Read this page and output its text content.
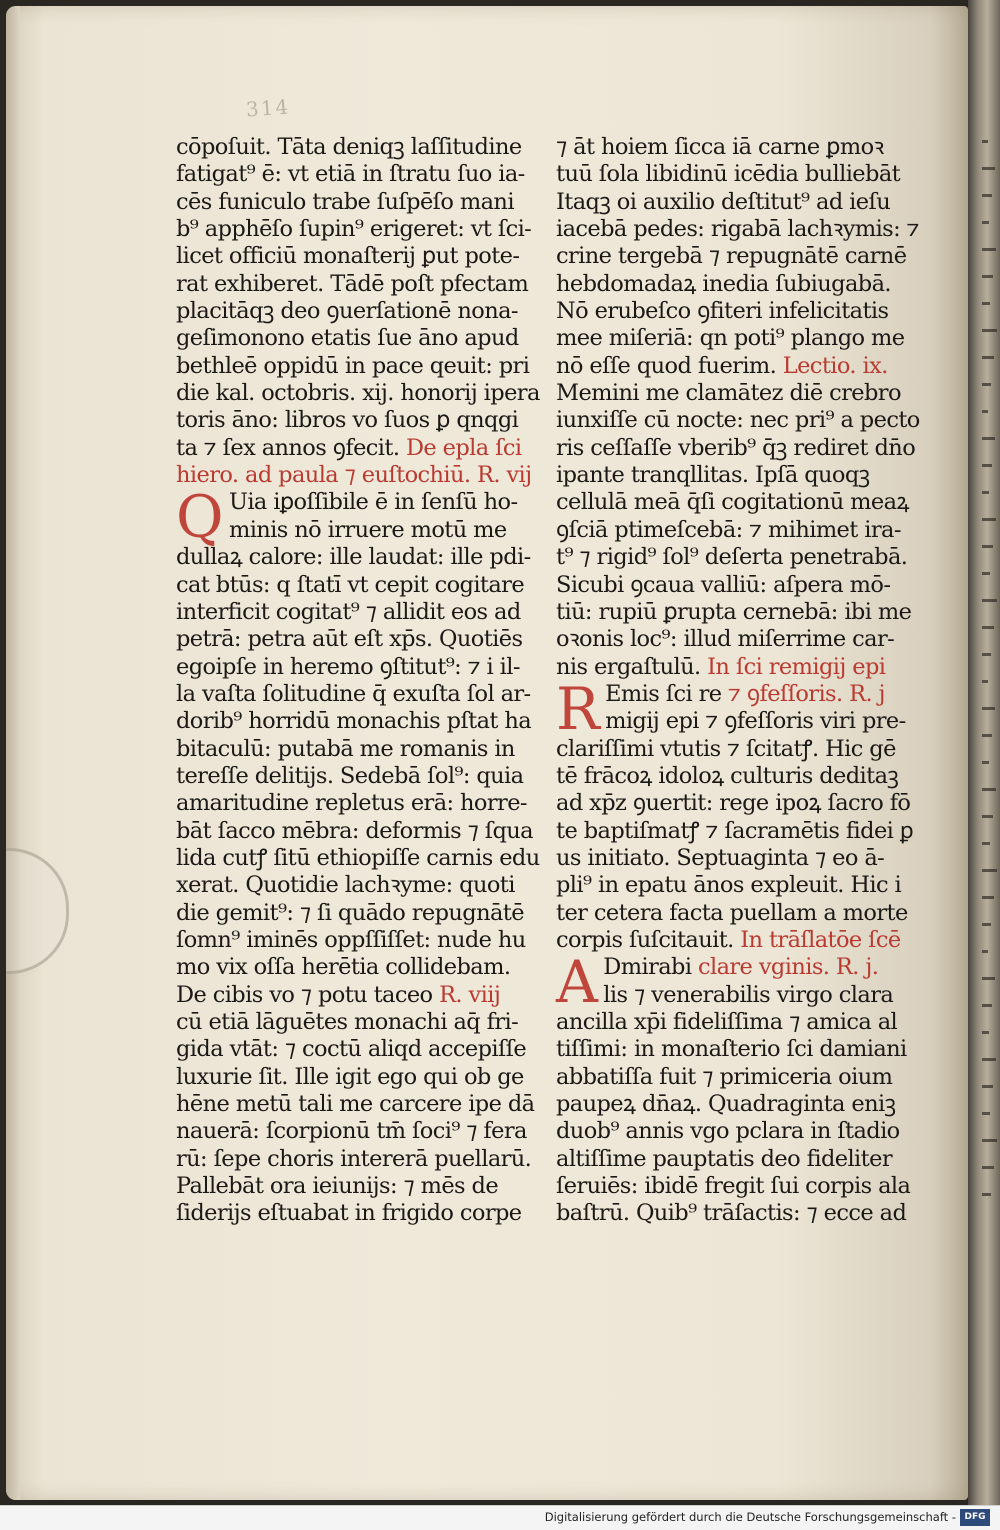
314
cōpoſuit. Tāta deniqꝫ laſſitudine
fatigat⁹ ē: vt etiā in ſtratu ſuo ia-
cēs funiculo trabe ſuſpēſo mani
b⁹ apphēſo ſupin⁹ erigeret: vt ſci-
licet officiū monaſterij ꝑut pote-
rat exhiberet. Tādē poſt pfectam
placitāqꝫ deo ꝯuerſationē nona-
geſimonono etatis ſue āno apud
bethleē oppidū in pace qeuit: pri
die kal. octobris. xij. honorij ipera
toris āno: libros vo ſuos ꝑ qnqgi
ta ⁊ ſex annos ꝯfecit. De epla ſci
hiero. ad paula ⁊ euſtochiū. R. vij
Q Uia iꝑoſſibile ē in ſenſū ho-
minis nō irruere motū me
dullaꝝ calore: ille laudat: ille pdi-
cat btūs: q ſtatī vt cepit cogitare
interficit cogitat⁹ ⁊ allidit eos ad
petrā: petra aūt eſt xp̄s. Quotiēs
egoipſe in heremo ꝯſtitut⁹: ⁊ i il-
la vaſta ſolitudine q̄ exuſta ſol ar-
dorib⁹ horridū monachis pſtat ha
bitaculū: putabā me romanis in
tereſſe delitijs. Sedebā ſol⁹: quia
amaritudine repletus erā: horre-
bāt ſacco mēbra: deformis ⁊ ſqua
lida cutꝭ ſitū ethiopiſſe carnis edu
xerat. Quotidie lachꝛyme: quoti
die gemit⁹: ⁊ ſi quādo repugnātē
ſomn⁹ iminēs oppſſiſſet: nude hu
mo vix oſſa herētia collidebam.
De cibis vo ⁊ potu taceo R. viij
cū etiā lāguētes monachi aq̄ fri-
gida vtāt: ⁊ coctū aliqd accepiſſe
luxurie ſit. Ille igit ego qui ob ge
hēne metū tali me carcere ipe dā
nauerā: ſcorpionū tm̄ ſoci⁹ ⁊ fera
rū: ſepe choris intererā puellarū.
Pallebāt ora ieiunijs: ⁊ mēs de
ſiderijs eſtuabat in frigido corpe
⁊ āt hoiem ſicca iā carne ꝑmoꝛ
tuū ſola libidinū icēdia bulliebāt
Itaqꝫ oi auxilio deſtitut⁹ ad ieſu
iacebā pedes: rigabā lachꝛymis: ⁊
crine tergebā ⁊ repugnātē carnē
hebdomadaꝝ inedia ſubiugabā.
Nō erubeſco ꝯfiteri infelicitatis
mee miſeriā: qn poti⁹ plango me
nō eſſe quod fuerim. Lectio. ix.
Memini me clamātez diē crebro
iunxiſſe cū nocte: nec pri⁹ a pecto
ris ceſſaſſe vberib⁹ q̄ꝫ rediret dn̄o
ipante tranqllitas. Ipſā quoqꝫ
cellulā meā q̄ſi cogitationū meaꝝ
ꝯſciā ptimeſcebā: ⁊ mihimet ira-
t⁹ ⁊ rigid⁹ ſol⁹ deſerta penetrabā.
Sicubi ꝯcaua valliū: aſpera mō-
tiū: rupiū ꝑrupta cernebā: ibi me
oꝛonis loc⁹: illud miſerrime car-
nis ergaſtulū. In ſci remigij epi
R Emis ſci re ⁊ ꝯfeſſoris. R. j
migij epi ⁊ ꝯfeſſoris viri pre-
clariſſimi vtutis ⁊ ſcitatꝭ. Hic gē
tē frācoꝝ idoloꝝ culturis deditaꝫ
ad xp̄z ꝯuertit: rege ipoꝝ ſacro fō
te baptiſmatꝭ ⁊ ſacramētis fidei ꝑ
us initiato. Septuaginta ⁊ eo ā-
pli⁹ in epatu ānos expleuit. Hic i
ter cetera facta puellam a morte
corpis ſuſcitauit. In trāſlatōe ſcē
A Dmirabi clare vginis. R. j.
lis ⁊ venerabilis virgo clara
ancilla xp̄i fideliſſima ⁊ amica al
tiſſimi: in monaſterio ſci damiani
abbatiſſa fuit ⁊ primiceria oium
paupeꝝ dn̄aꝝ. Quadraginta eniꝫ
duob⁹ annis vgo pclara in ſtadio
altiſſime pauptatis deo fideliter
ſeruiēs: ibidē fregit ſui corpis ala
baſtrū. Quib⁹ trāſactis: ⁊ ecce ad
Digitalisierung gefördert durch die Deutsche Forschungsgemeinschaft - DFG
